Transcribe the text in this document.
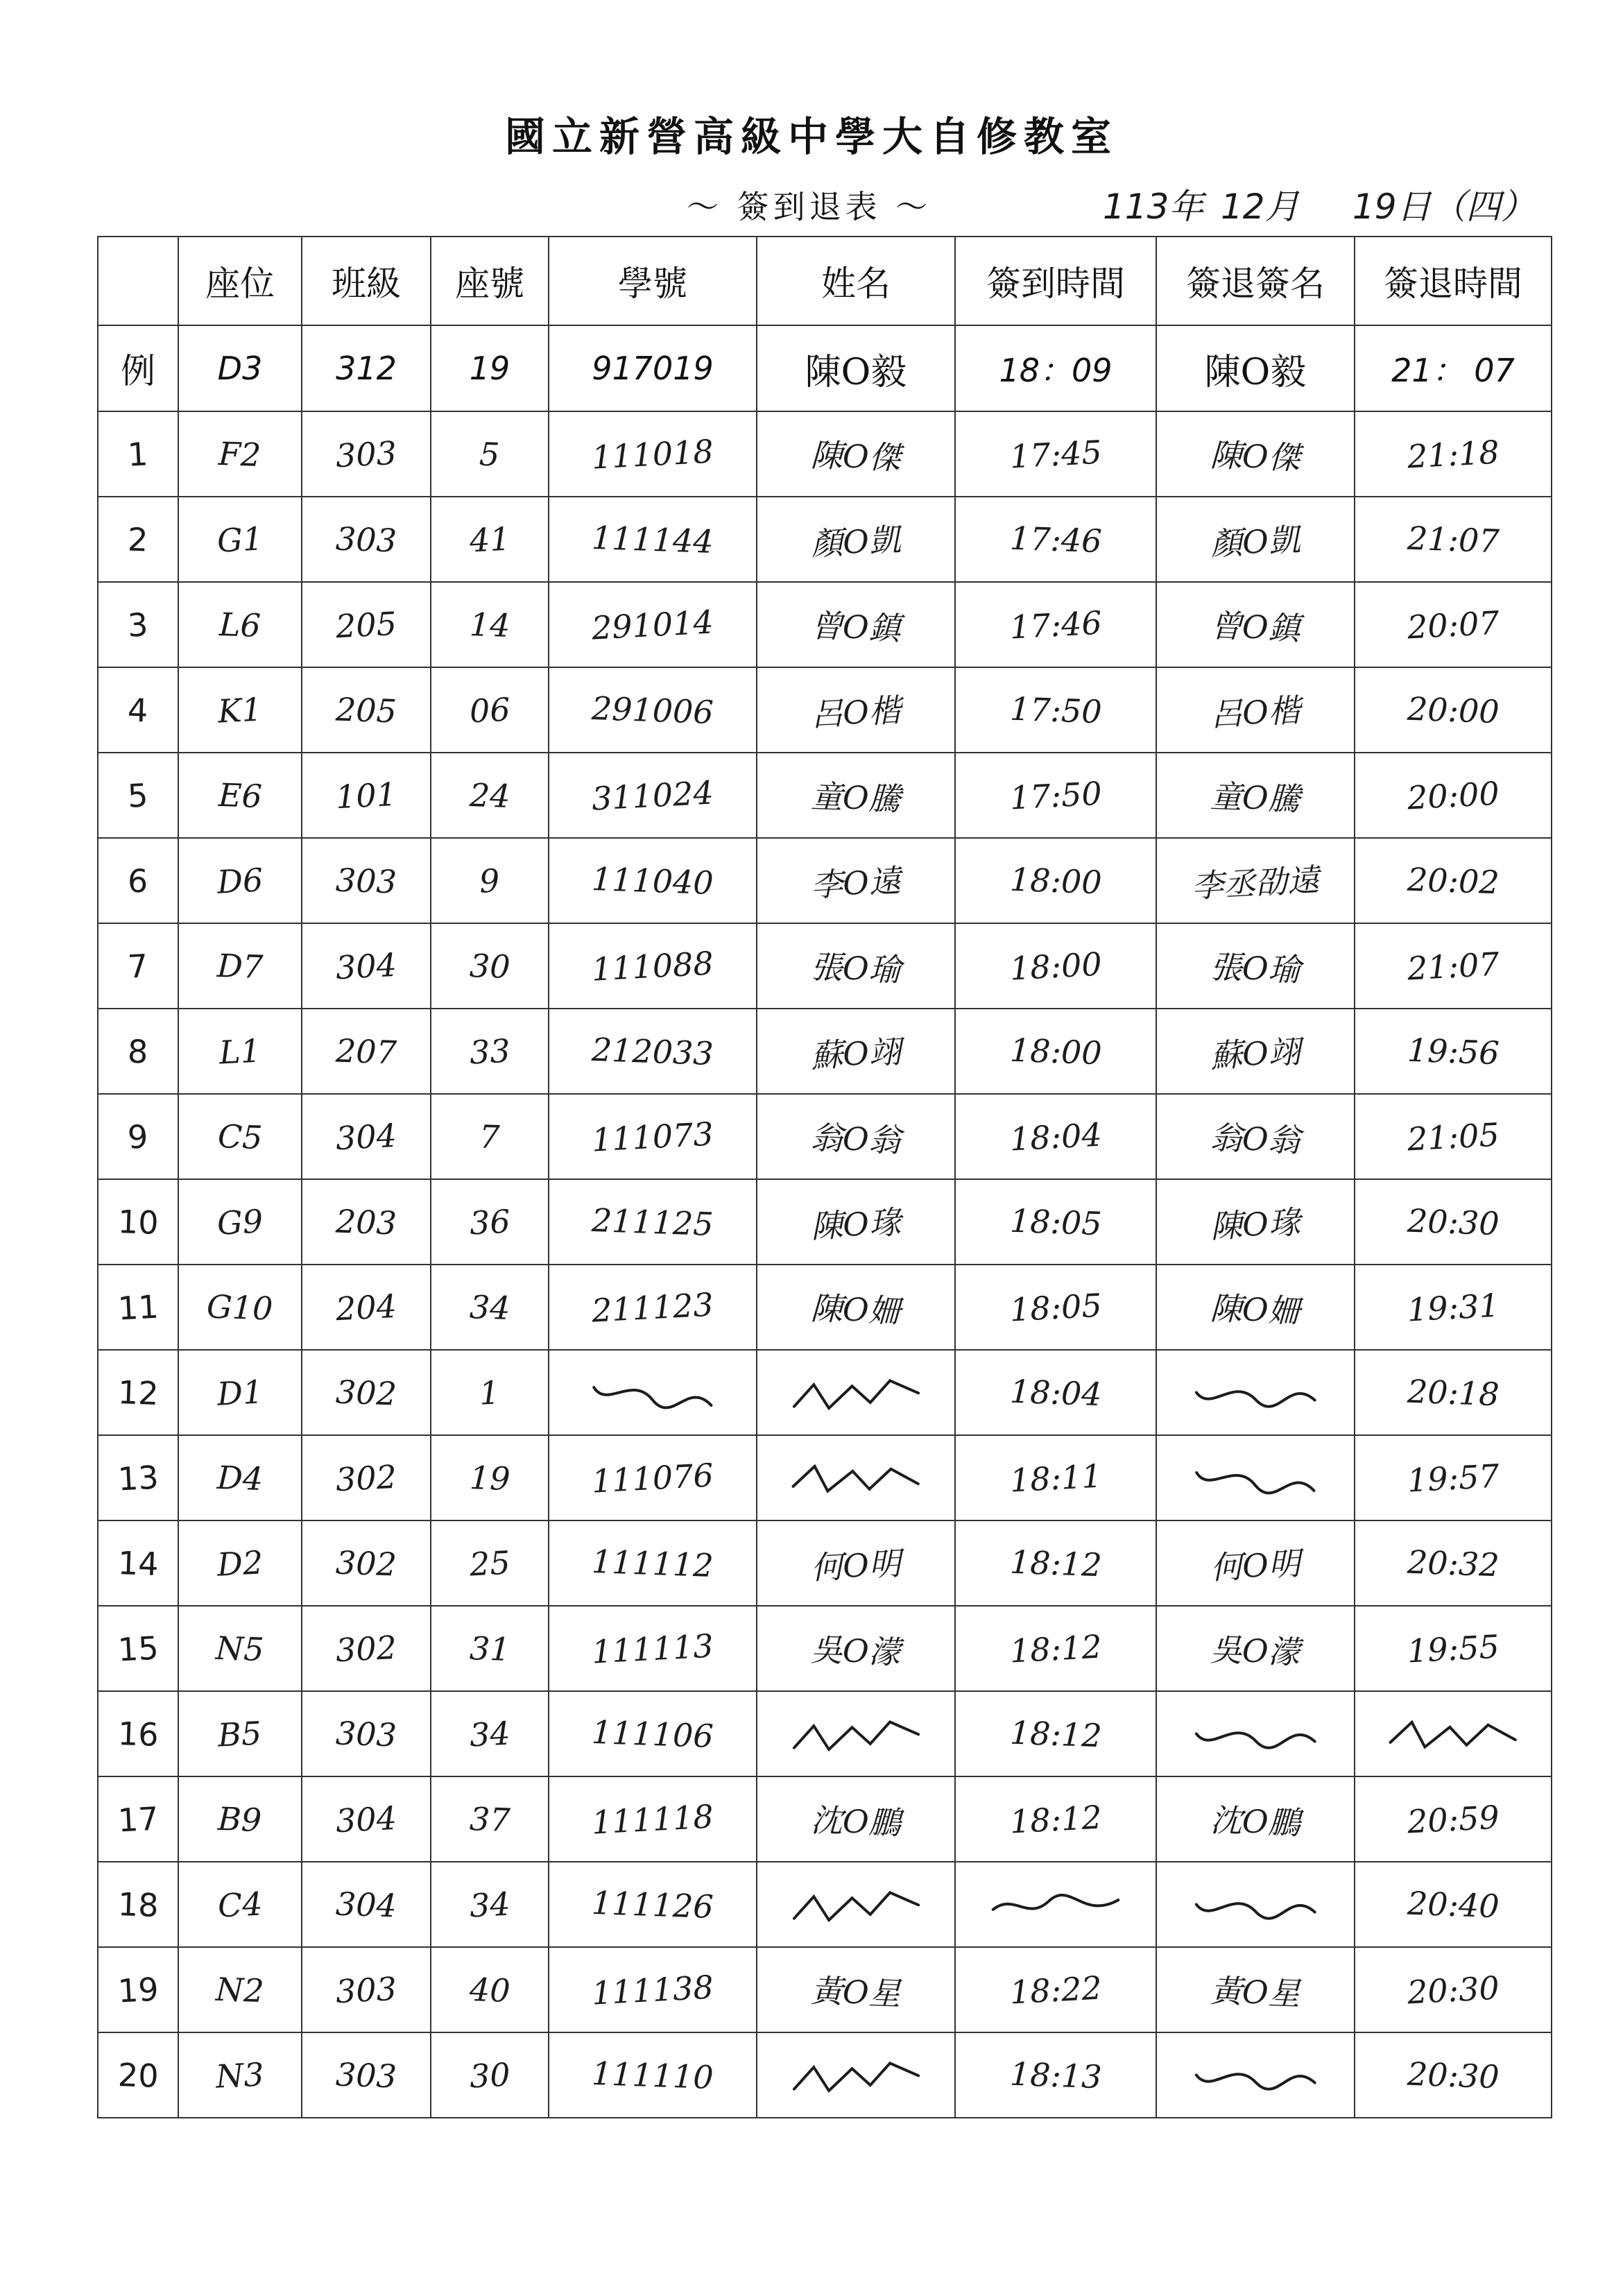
國立新營高級中學大自修教室
～ 簽到退表 ～	113年 12月 19日（四）
	座位	班級	座號	學號	姓名	簽到時間	簽退簽名	簽退時間
例	D3	312	19	917019	陳O毅	18：09	陳O毅	21： 07
1	F2	303	5	111018	陳O傑	17:45	陳O傑	21:18
2	G1	303	41	111144	顏O凱	17:46	顏O凱	21:07
3	L6	205	14	291014	曾O鎮	17:46	曾O鎮	20:07
4	K1	205	06	291006	呂O楷	17:50	呂O楷	20:00
5	E6	101	24	311024	童O騰	17:50	童O騰	20:00
6	D6	303	9	111040	李O遠	18:00	李丞劭遠	20:02
7	D7	304	30	111088	張O瑜	18:00	張O瑜	21:07
8	L1	207	33	212033	蘇O翊	18:00	蘇O翊	19:56
9	C5	304	7	111073	翁O翁	18:04	翁O翁	21:05
10	G9	203	36	211125	陳O瑑	18:05	陳O瑑	20:30
11	G10	204	34	211123	陳O姍	18:05	陳O姍	19:31
12	D1	302	1			18:04		20:18
13	D4	302	19	111076		18:11		19:57
14	D2	302	25	111112	何O明	18:12	何O明	20:32
15	N5	302	31	111113	吳O濛	18:12	吳O濛	19:55
16	B5	303	34	111106		18:12		
17	B9	304	37	111118	沈O鵬	18:12	沈O鵬	20:59
18	C4	304	34	111126				20:40
19	N2	303	40	111138	黃O星	18:22	黃O星	20:30
20	N3	303	30	111110		18:13		20:30
